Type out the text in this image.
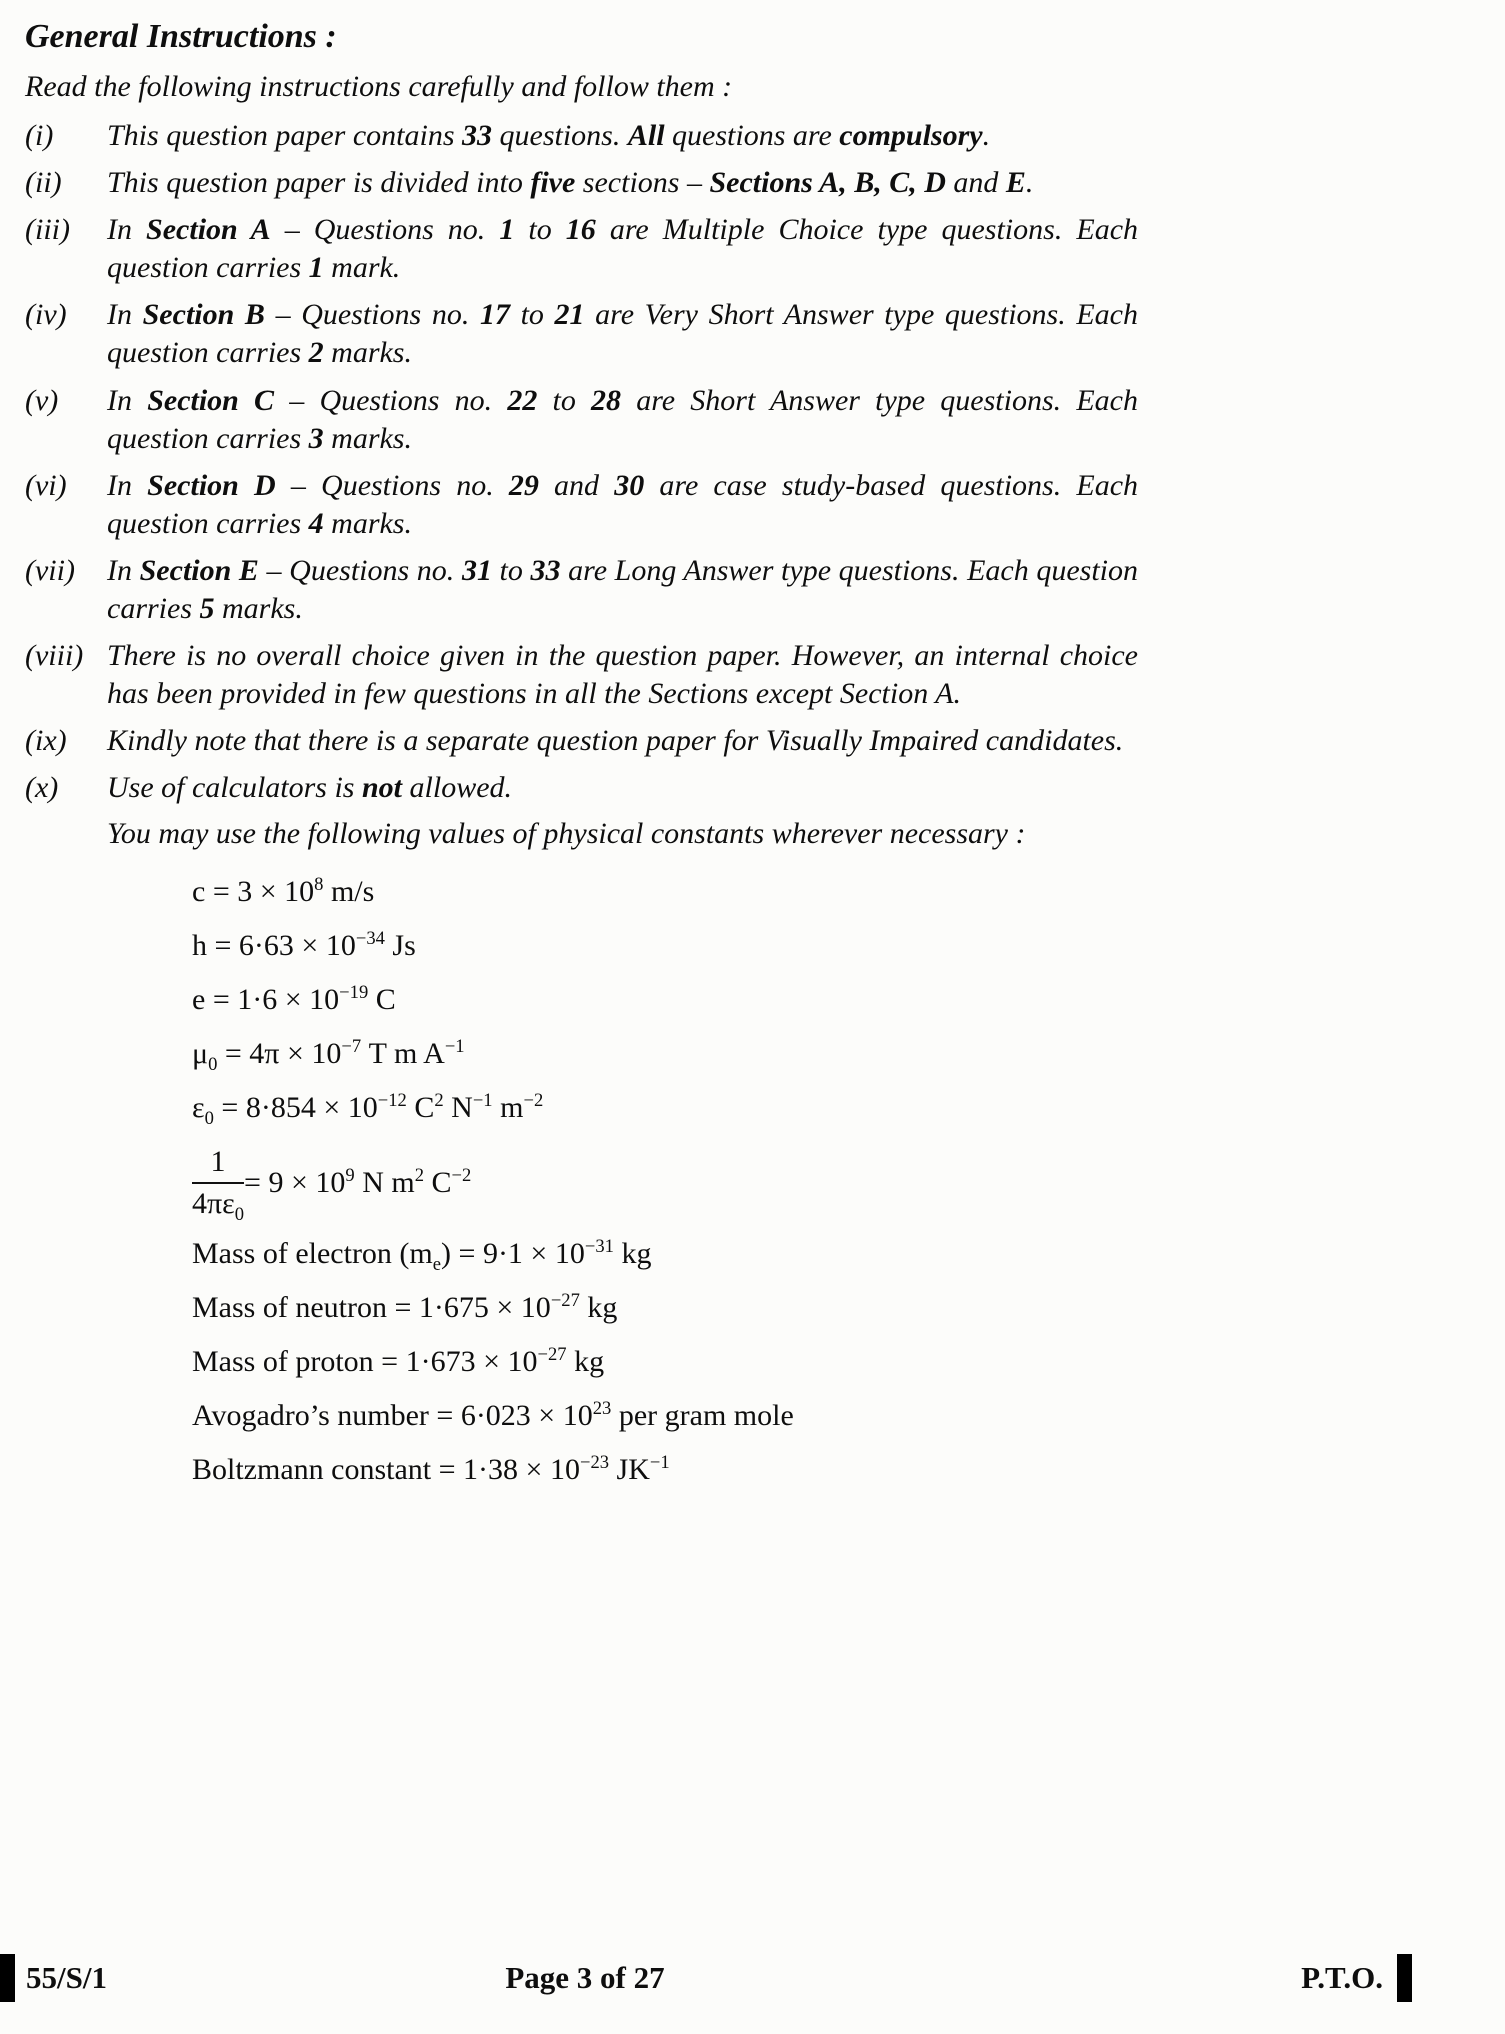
General Instructions :

Read the following instructions carefully and follow them :

(i)	This question paper contains 33 questions. All questions are compulsory.
(ii)	This question paper is divided into five sections – Sections A, B, C, D and E.
(iii)	In Section A – Questions no. 1 to 16 are Multiple Choice type questions. Each question carries 1 mark.
(iv)	In Section B – Questions no. 17 to 21 are Very Short Answer type questions. Each question carries 2 marks.
(v)	In Section C – Questions no. 22 to 28 are Short Answer type questions. Each question carries 3 marks.
(vi)	In Section D – Questions no. 29 and 30 are case study-based questions. Each question carries 4 marks.
(vii)	In Section E – Questions no. 31 to 33 are Long Answer type questions. Each question carries 5 marks.
(viii) There is no overall choice given in the question paper. However, an internal choice has been provided in few questions in all the Sections except Section A.
(ix)	Kindly note that there is a separate question paper for Visually Impaired candidates.
(x)	Use of calculators is not allowed.

You may use the following values of physical constants wherever necessary :

$c = 3 \times 10^8$ m/s
$h = 6\cdot 63 \times 10^{-34}$ Js
$e = 1\cdot 6 \times 10^{-19}$ C
$\mu_0 = 4\pi \times 10^{-7}$ T m $A^{-1}$
$\varepsilon_0 = 8\cdot 854 \times 10^{-12}$ $C^2$ $N^{-1}$ $m^{-2}$
$\frac{1}{4\pi\varepsilon_0} = 9 \times 10^9$ N $m^2$ $C^{-2}$
Mass of electron $(m_e) = 9\cdot 1 \times 10^{-31}$ kg
Mass of neutron = $1\cdot 675 \times 10^{-27}$ kg
Mass of proton = $1\cdot 673 \times 10^{-27}$ kg
Avogadro’s number = $6\cdot 023 \times 10^{23}$ per gram mole
Boltzmann constant = $1\cdot 38 \times 10^{-23}$ $JK^{-1}$
55/S/1	Page 3 of 27	P.T.O.
